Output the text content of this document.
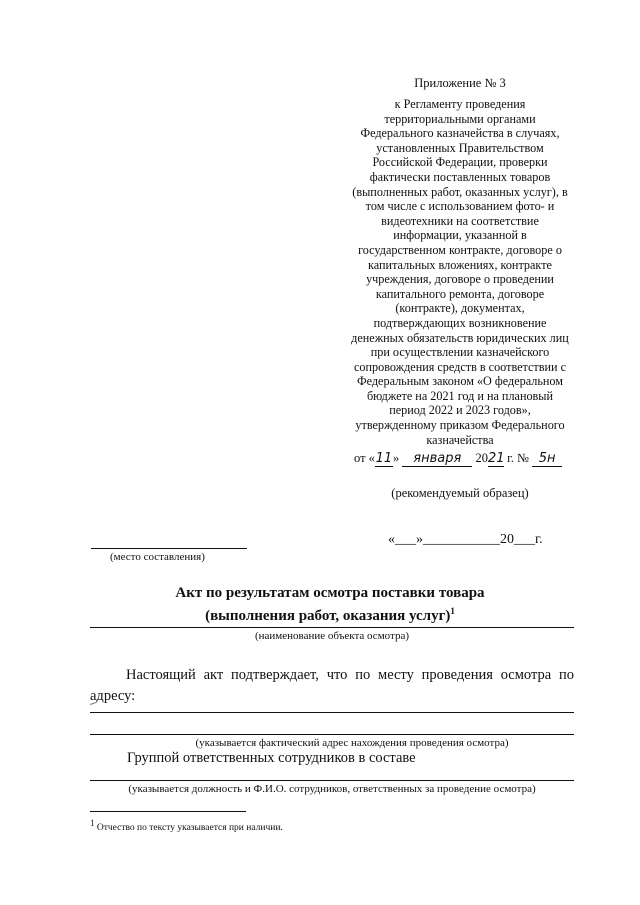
Приложение № 3
к Регламенту проведения
территориальными органами
Федерального казначейства в случаях,
установленных Правительством
Российской Федерации, проверки
фактически поставленных товаров
(выполненных работ, оказанных услуг), в
том числе с использованием фото- и
видеотехники на соответствие
информации, указанной в
государственном контракте, договоре о
капитальных вложениях, контракте
учреждения, договоре о проведении
капитального ремонта, договоре
(контракте), документах,
подтверждающих возникновение
денежных обязательств юридических лиц
при осуществлении казначейского
сопровождения средств в соответствии с
Федеральным законом «О федеральном
бюджете на 2021 год и на плановый
период 2022 и 2023 годов»,
утвержденному приказом Федерального
казначейства
от «11» января 2021 г. № 5н
(рекомендуемый образец)
(место составления)
«___»___________20___г.
Акт по результатам осмотра поставки товара
(выполнения работ, оказания услуг)$^1$
(наименование объекта осмотра)
Настоящий акт подтверждает, что по месту проведения осмотра по адресу:
(указывается фактический адрес нахождения проведения осмотра)
Группой ответственных сотрудников в составе
(указывается должность и Ф.И.О. сотрудников, ответственных за проведение осмотра)
$^1$ Отчество по тексту указывается при наличии.
